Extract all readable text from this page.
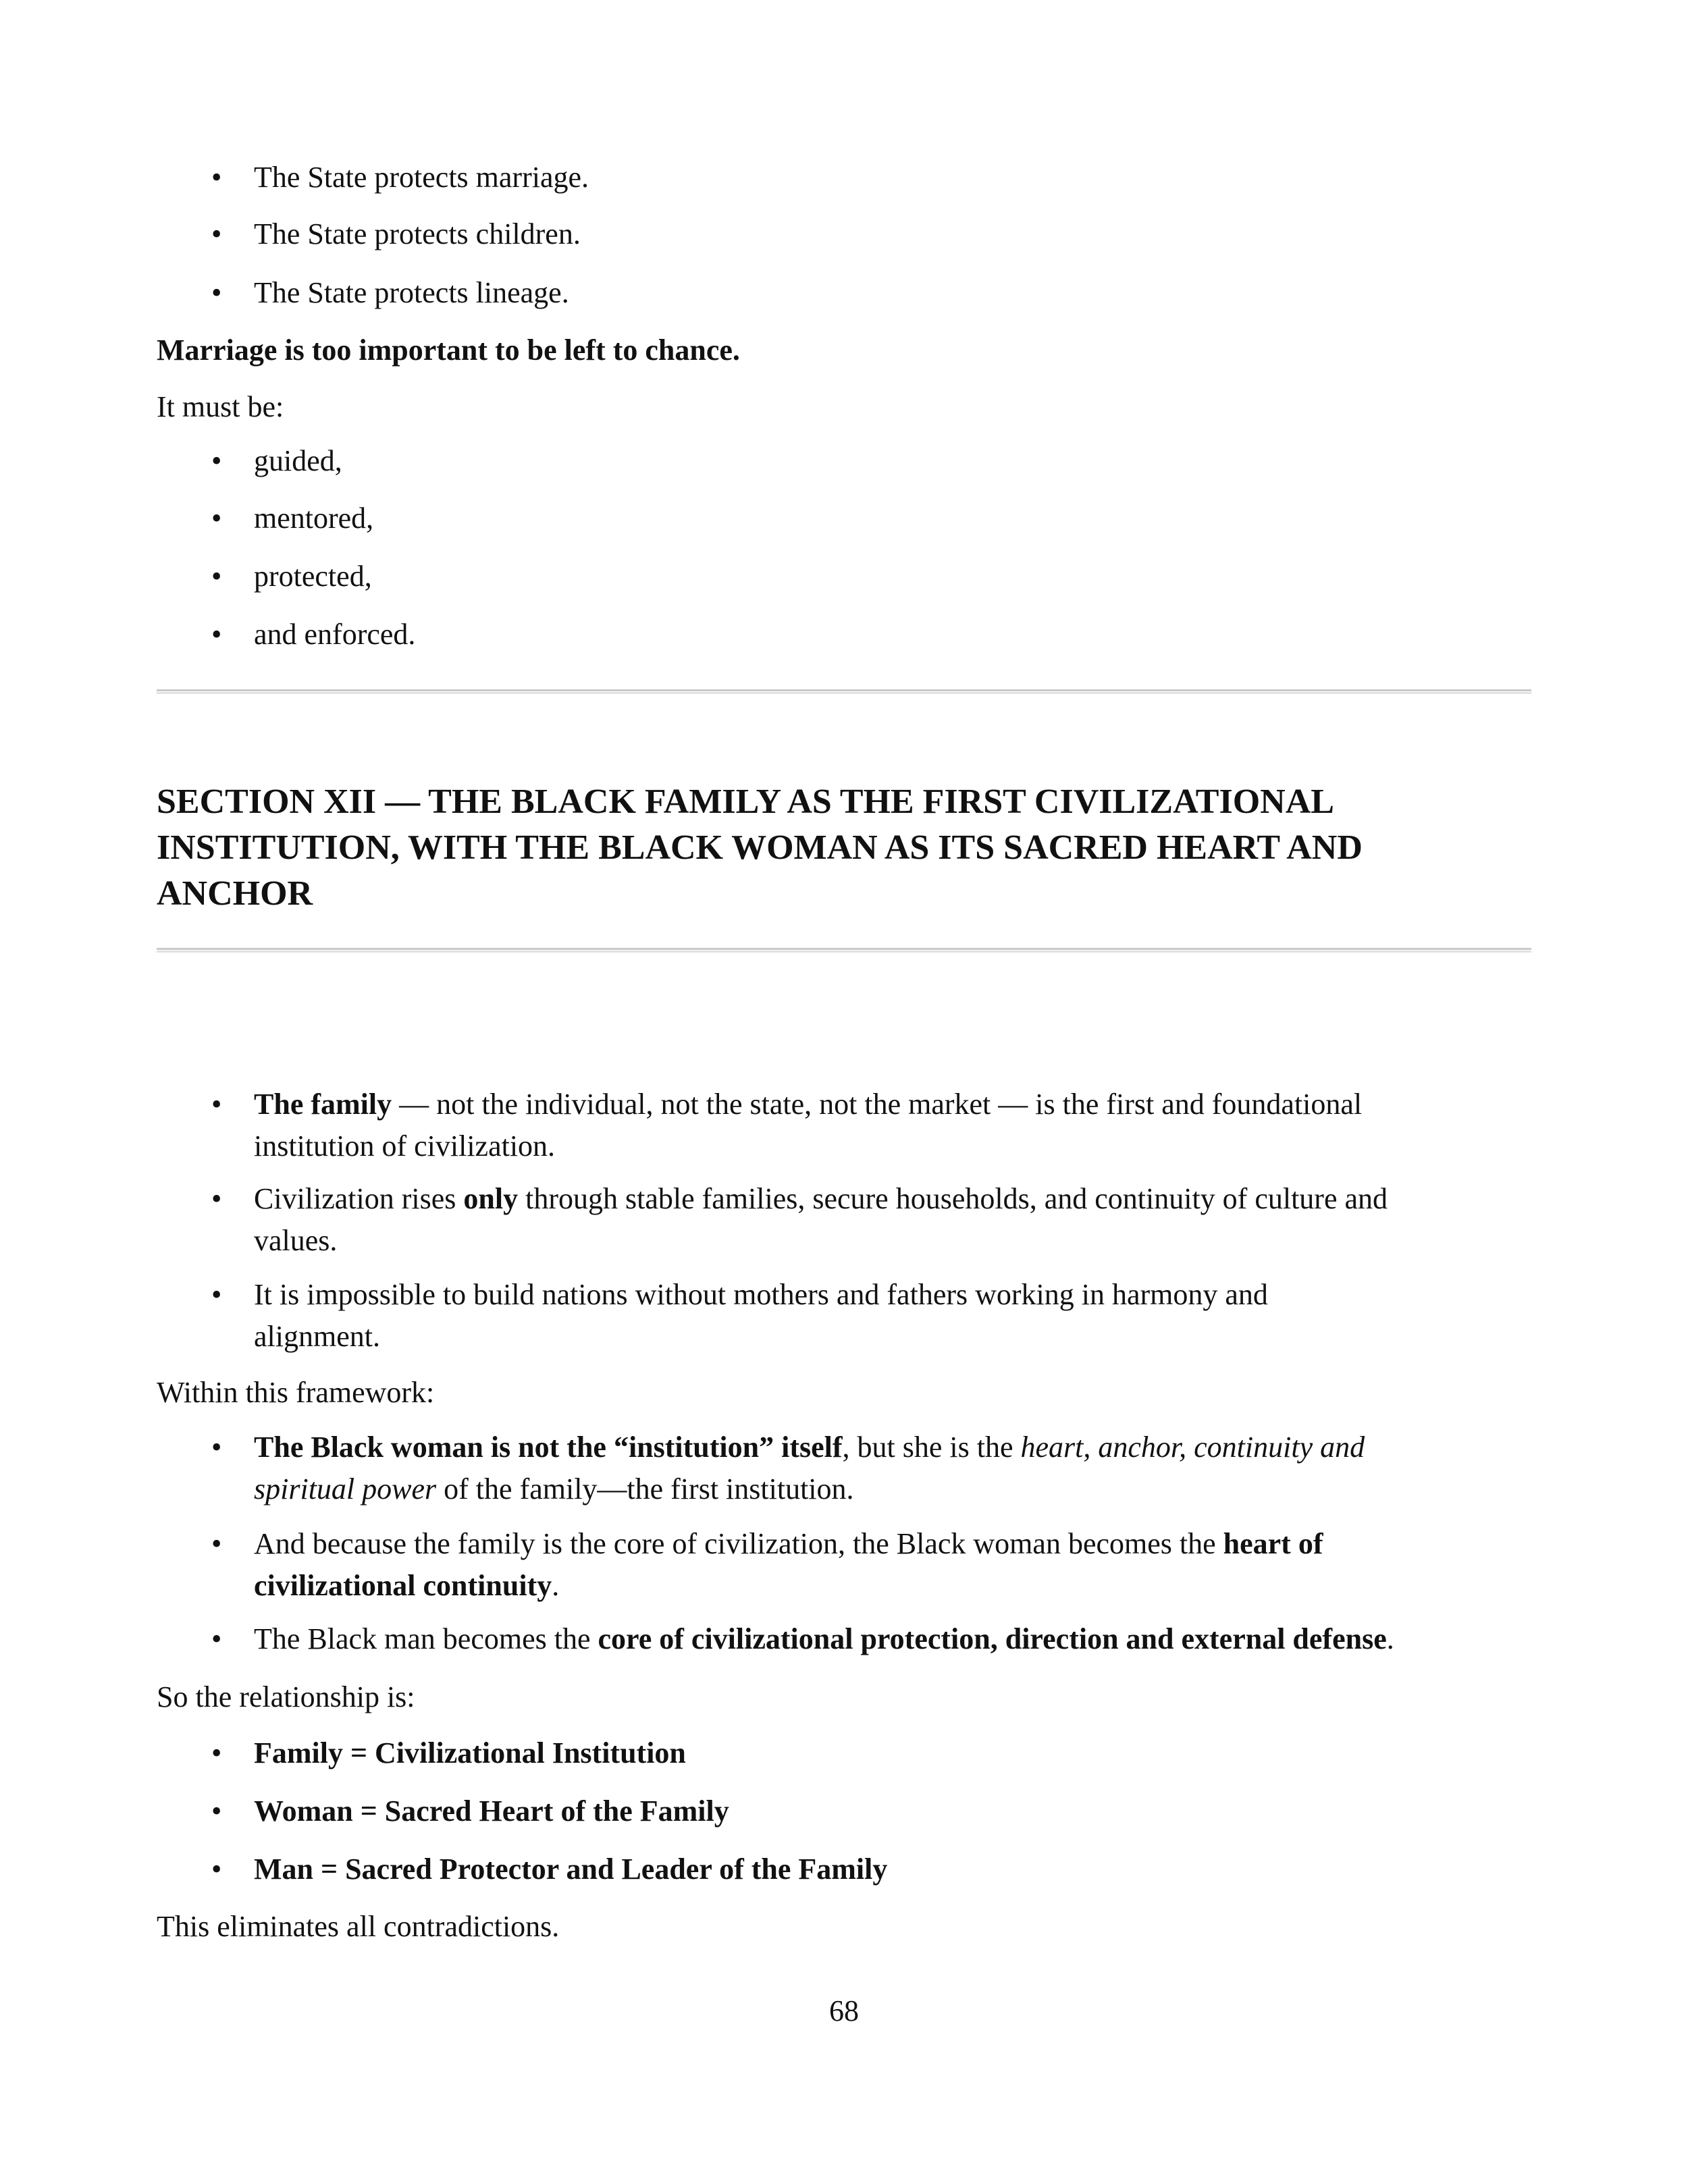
• The State protects marriage.
• The State protects children.
• The State protects lineage.
Marriage is too important to be left to chance.
It must be:
• guided,
• mentored,
• protected,
• and enforced.
SECTION XII — THE BLACK FAMILY AS THE FIRST CIVILIZATIONAL
INSTITUTION, WITH THE BLACK WOMAN AS ITS SACRED HEART AND
ANCHOR
• The family — not the individual, not the state, not the market — is the first and foundational
institution of civilization.
• Civilization rises only through stable families, secure households, and continuity of culture and
values.
• It is impossible to build nations without mothers and fathers working in harmony and
alignment.
Within this framework:
• The Black woman is not the “institution” itself, but she is the heart, anchor, continuity and
spiritual power of the family—the first institution.
• And because the family is the core of civilization, the Black woman becomes the heart of
civilizational continuity.
• The Black man becomes the core of civilizational protection, direction and external defense.
So the relationship is:
• Family = Civilizational Institution
• Woman = Sacred Heart of the Family
• Man = Sacred Protector and Leader of the Family
This eliminates all contradictions.
68
